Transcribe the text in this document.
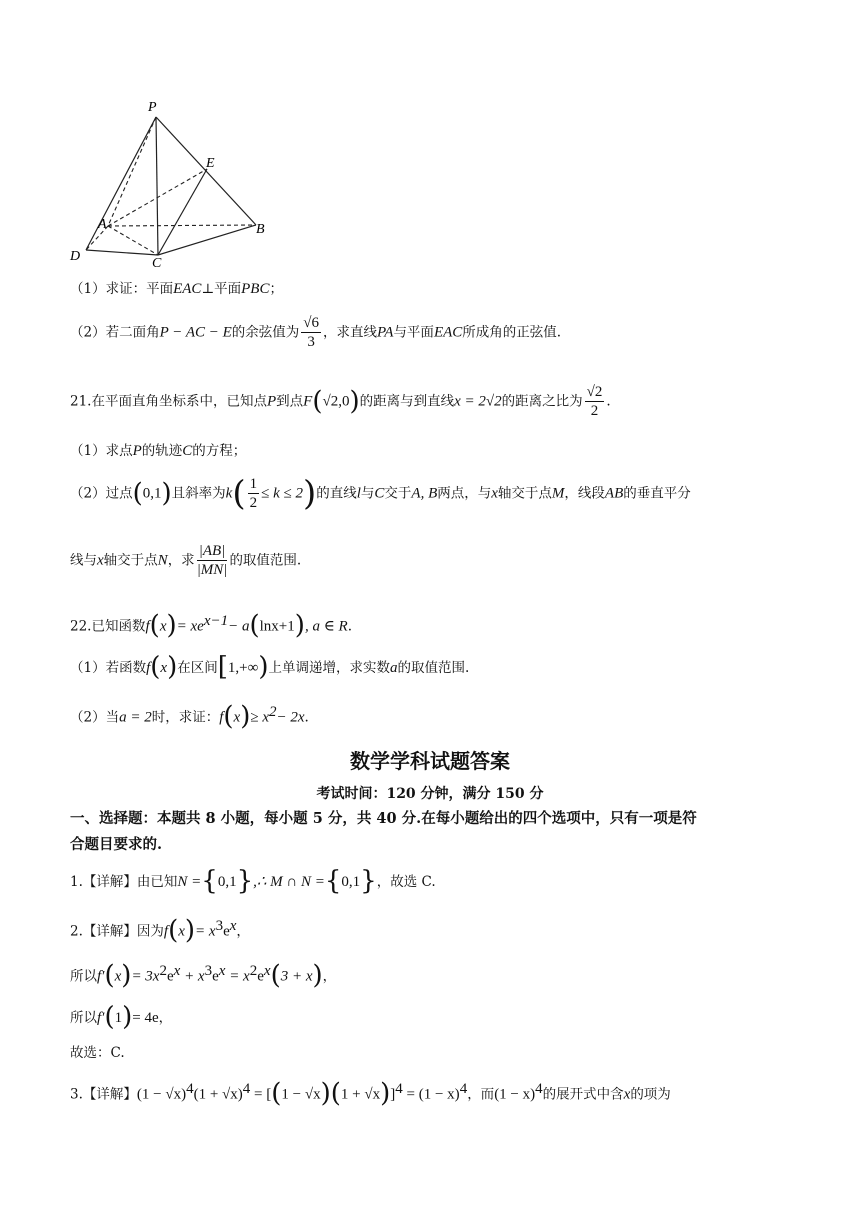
P
E
A	B
D	C
（1）求证：平面EAC⊥平面PBC；
（2）若二面角P − AC − E的余弦值为 $\frac{√6}{3}$ ，求直线PA与平面EAC所成角的正弦值.
21.在平面直角坐标系中，已知点P到点F(√2,0)的距离与到直线x = 2√2的距离之比为 $\frac{√2}{2}$ .
（1）求点P的轨迹C的方程；
（2）过点(0,1)且斜率为$k( \frac{1}{2} \le k \le 2)$的直线l与C交于A, B两点，与x轴交于点M，线段AB的垂直平分
线与x轴交于点N，求 $\frac{|AB|}{|MN|}$ 的取值范围.
22.已知函数$f(x)= xe^{x-1}- a(\ln x+1)$, a ∈ R.
（1）若函数f(x)在区间[1,+∞)上单调递增，求实数a的取值范围.
（2）当a = 2时，求证：$f(x)\ge x^2- 2x$.
数学学科试题答案
考试时间：120 分钟，满分 150 分
一、选择题：本题共 8 小题，每小题 5 分，共 40 分.在每小题给出的四个选项中，只有一项是符
合题目要求的.
1.【详解】由已知N ={0,1},∴ M ∩ N ={0,1}，故选 C.
2.【详解】因为$f(x)= x^3e^x$，
所以$f'(x)= 3x^2e^x + x^3e^x = x^2e^x(3 + x)$，
所以f′(1)= 4e，
故选：C.
3.【详解】$(1 - √x)^4(1 + √x)^4 = [(1 - √x)(1 + √x)]^4 = (1 - x)^4$，而$(1 - x)^4$的展开式中含x的项为
